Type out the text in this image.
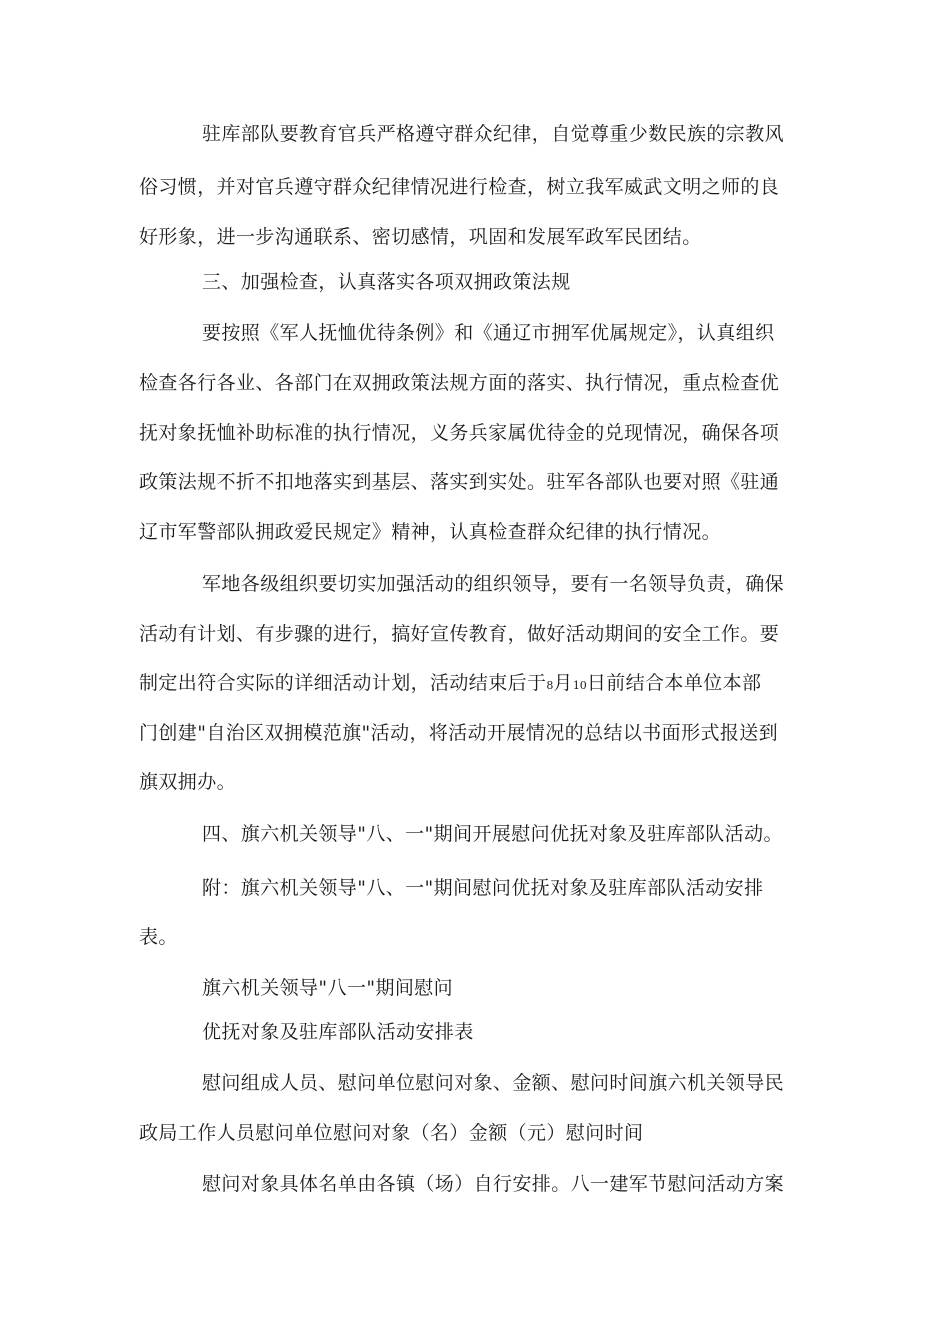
驻库部队要教育官兵严格遵守群众纪律，自觉尊重少数民族的宗教风
俗习惯，并对官兵遵守群众纪律情况进行检查，树立我军威武文明之师的良
好形象，进一步沟通联系、密切感情，巩固和发展军政军民团结。
三、加强检查，认真落实各项双拥政策法规
要按照《军人抚恤优待条例》和《通辽市拥军优属规定》，认真组织
检查各行各业、各部门在双拥政策法规方面的落实、执行情况，重点检查优
抚对象抚恤补助标准的执行情况，义务兵家属优待金的兑现情况，确保各项
政策法规不折不扣地落实到基层、落实到实处。驻军各部队也要对照《驻通
辽市军警部队拥政爱民规定》精神，认真检查群众纪律的执行情况。
军地各级组织要切实加强活动的组织领导，要有一名领导负责，确保
活动有计划、有步骤的进行，搞好宣传教育，做好活动期间的安全工作。要
制定出符合实际的详细活动计划，活动结束后于8月10日前结合本单位本部
门创建"自治区双拥模范旗"活动，将活动开展情况的总结以书面形式报送到
旗双拥办。
四、旗六机关领导"八、一"期间开展慰问优抚对象及驻库部队活动。
附：旗六机关领导"八、一"期间慰问优抚对象及驻库部队活动安排
表。
旗六机关领导"八一"期间慰问
优抚对象及驻库部队活动安排表
慰问组成人员、慰问单位慰问对象、金额、慰问时间旗六机关领导民
政局工作人员慰问单位慰问对象（名）金额（元）慰问时间
慰问对象具体名单由各镇（场）自行安排。八一建军节慰问活动方案
